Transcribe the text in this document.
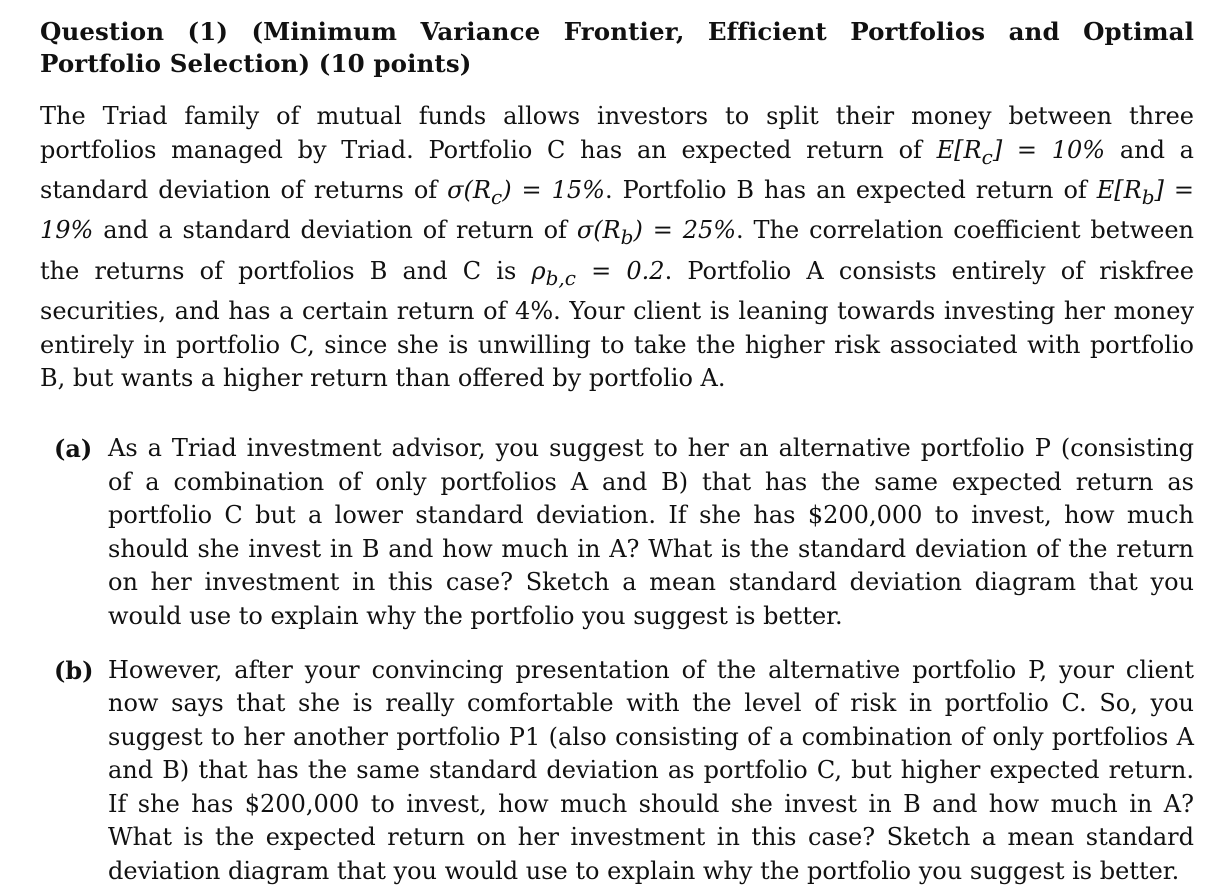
Question (1) (Minimum Variance Frontier, Efficient Portfolios and Optimal Portfolio Selection) (10 points)

The Triad family of mutual funds allows investors to split their money between three portfolios managed by Triad. Portfolio C has an expected return of $E[R_c] = 10\%$ and a standard deviation of returns of $\sigma(R_c) = 15\%$. Portfolio B has an expected return of $E[R_b] = 19\%$ and a standard deviation of return of $\sigma(R_b) = 25\%$. The correlation coefficient between the returns of portfolios B and C is $\rho_{b,c} = 0.2$. Portfolio A consists entirely of riskfree securities, and has a certain return of 4%. Your client is leaning towards investing her money entirely in portfolio C, since she is unwilling to take the higher risk associated with portfolio B, but wants a higher return than offered by portfolio A.

(a) As a Triad investment advisor, you suggest to her an alternative portfolio P (consisting of a combination of only portfolios A and B) that has the same expected return as portfolio C but a lower standard deviation. If she has $200,000 to invest, how much should she invest in B and how much in A? What is the standard deviation of the return on her investment in this case? Sketch a mean standard deviation diagram that you would use to explain why the portfolio you suggest is better.
(b) However, after your convincing presentation of the alternative portfolio P, your client now says that she is really comfortable with the level of risk in portfolio C. So, you suggest to her another portfolio P1 (also consisting of a combination of only portfolios A and B) that has the same standard deviation as portfolio C, but higher expected return. If she has $200,000 to invest, how much should she invest in B and how much in A? What is the expected return on her investment in this case? Sketch a mean standard deviation diagram that you would use to explain why the portfolio you suggest is better.
